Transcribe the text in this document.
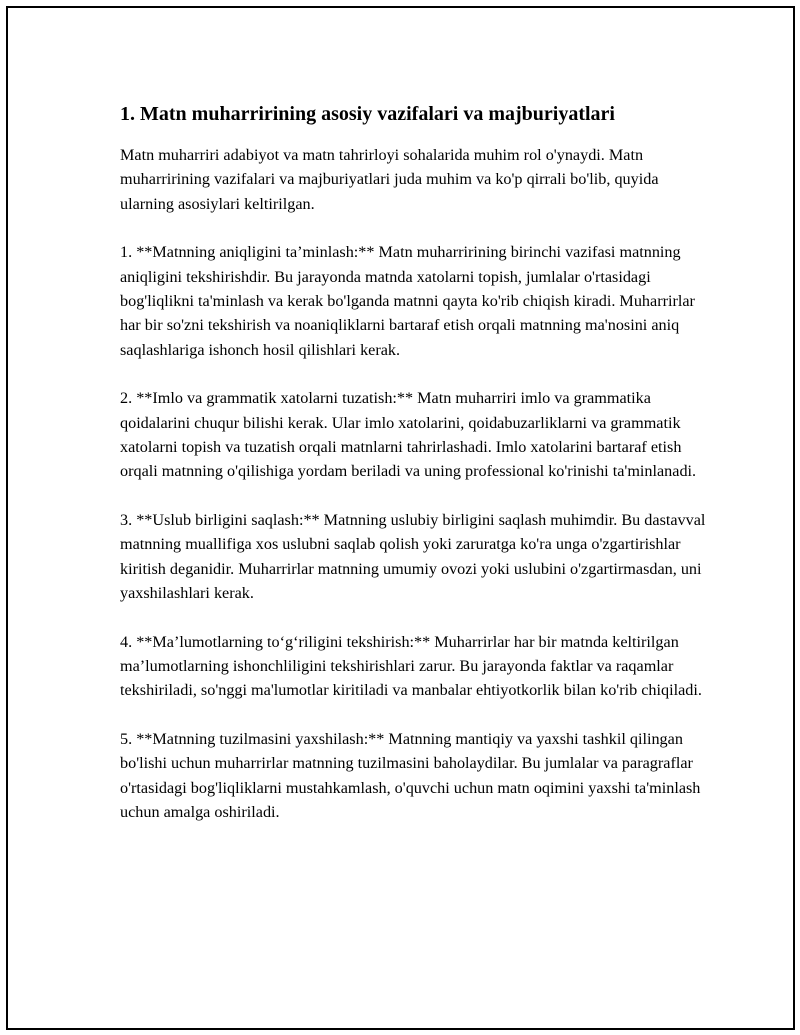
1. Matn muharririning asosiy vazifalari va majburiyatlari

Matn muharriri adabiyot va matn tahrirloyi sohalarida muhim rol o'ynaydi. Matn muharririning vazifalari va majburiyatlari juda muhim va ko'p qirrali bo'lib, quyida ularning asosiylari keltirilgan.

1. **Matnning aniqligini ta’minlash:** Matn muharririning birinchi vazifasi matnning aniqligini tekshirishdir. Bu jarayonda matnda xatolarni topish, jumlalar o'rtasidagi bog'liqlikni ta'minlash va kerak bo'lganda matnni qayta ko'rib chiqish kiradi. Muharrirlar har bir so'zni tekshirish va noaniqliklarni bartaraf etish orqali matnning ma'nosini aniq saqlashlariga ishonch hosil qilishlari kerak.

2. **Imlo va grammatik xatolarni tuzatish:** Matn muharriri imlo va grammatika qoidalarini chuqur bilishi kerak. Ular imlo xatolarini, qoidabuzarliklarni va grammatik xatolarni topish va tuzatish orqali matnlarni tahrirlashadi. Imlo xatolarini bartaraf etish orqali matnning o'qilishiga yordam beriladi va uning professional ko'rinishi ta'minlanadi.

3. **Uslub birligini saqlash:** Matnning uslubiy birligini saqlash muhimdir. Bu dastavval matnning muallifiga xos uslubni saqlab qolish yoki zaruratga ko'ra unga o'zgartirishlar kiritish deganidir. Muharrirlar matnning umumiy ovozi yoki uslubini o'zgartirmasdan, uni yaxshilashlari kerak.

4. **Ma’lumotlarning to‘g‘riligini tekshirish:** Muharrirlar har bir matnda keltirilgan ma’lumotlarning ishonchliligini tekshirishlari zarur. Bu jarayonda faktlar va raqamlar tekshiriladi, so'nggi ma'lumotlar kiritiladi va manbalar ehtiyotkorlik bilan ko'rib chiqiladi.

5. **Matnning tuzilmasini yaxshilash:** Matnning mantiqiy va yaxshi tashkil qilingan bo'lishi uchun muharrirlar matnning tuzilmasini baholaydilar. Bu jumlalar va paragraflar o'rtasidagi bog'liqliklarni mustahkamlash, o'quvchi uchun matn oqimini yaxshi ta'minlash uchun amalga oshiriladi.
